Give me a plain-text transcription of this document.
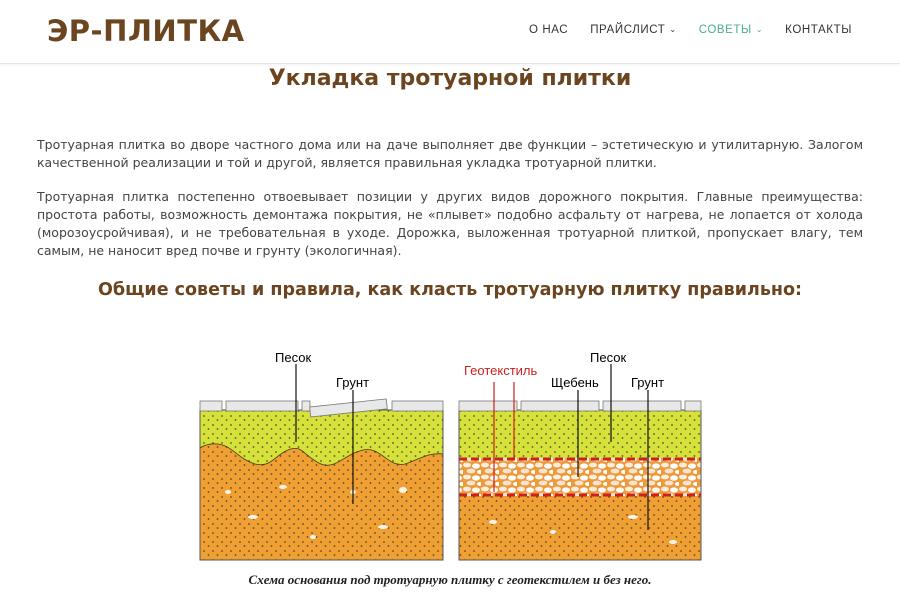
ЭР-ПЛИТКА	О НАС ПРАЙСЛИСТ ⌄ СОВЕТЫ ⌄ КОНТАКТЫ
Укладка тротуарной плитки

Тротуарная плитка во дворе частного дома или на даче выполняет две функции – эстетическую и утилитарную. Залогом качественной реализации и той и другой, является правильная укладка тротуарной плитки.

Тротуарная плитка постепенно отвоевывает позиции у других видов дорожного покрытия. Главные преимущества: простота работы, возможность демонтажа покрытия, не «плывет» подобно асфальту от нагрева, не лопается от холода (морозоусройчивая), и не требовательная в уходе. Дорожка, выложенная тротуарной плиткой, пропускает влагу, тем самым, не наносит вред почве и грунту (экологичная).

Общие советы и правила, как класть тротуарную плитку правильно:
Песок
Грунт
Геотекстиль
Песок
Щебень Грунт
Схема основания под тротуарную плитку с геотекстилем и без него.
